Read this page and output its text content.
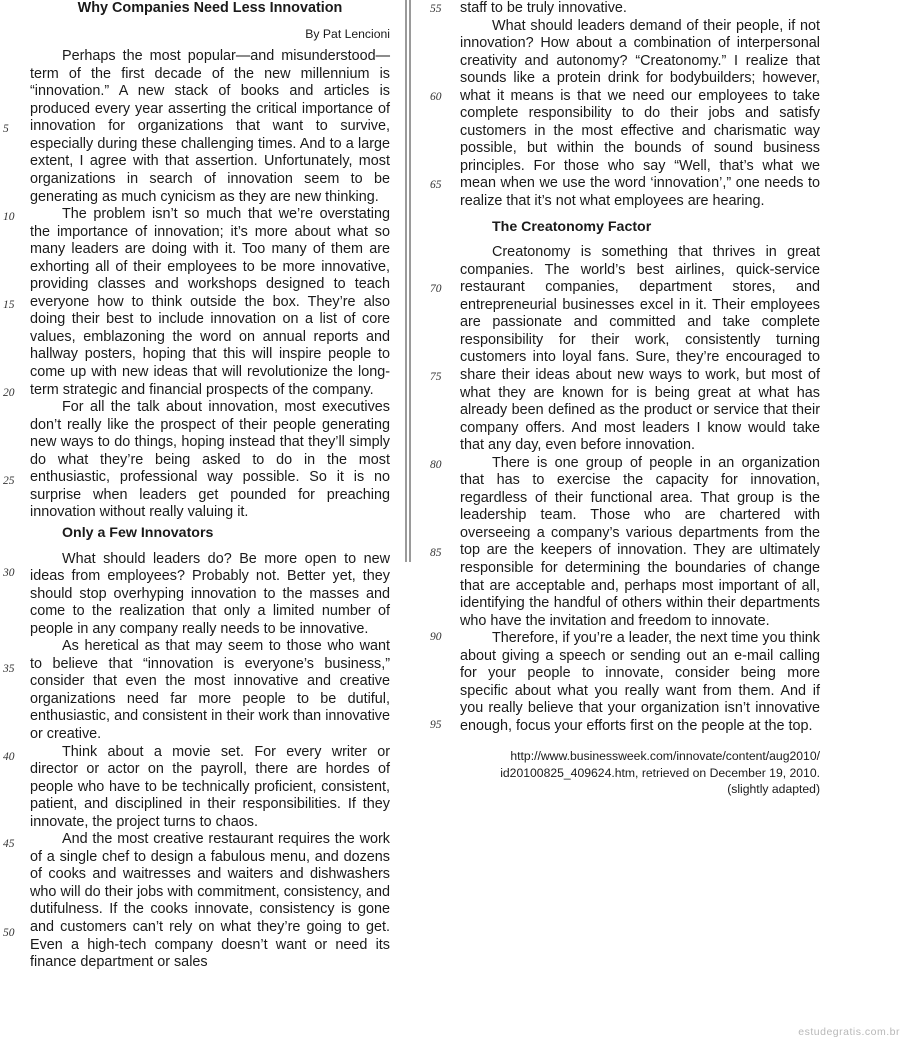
Why Companies Need Less Innovation
By Pat Lencioni

Perhaps the most popular—and misunderstood—term of the first decade of the new millennium is “innovation.” A new stack of books and articles is produced every year asserting the critical importance of innovation for organizations that want to survive, especially during these challenging times. And to a large extent, I agree with that assertion. Unfortunately, most organizations in search of innovation seem to be generating as much cynicism as they are new thinking.

The problem isn’t so much that we’re overstating the importance of innovation; it’s more about what so many leaders are doing with it. Too many of them are exhorting all of their employees to be more innovative, providing classes and workshops designed to teach everyone how to think outside the box. They’re also doing their best to include innovation on a list of core values, emblazoning the word on annual reports and hallway posters, hoping that this will inspire people to come up with new ideas that will revolutionize the long-term strategic and financial prospects of the company.

For all the talk about innovation, most executives don’t really like the prospect of their people generating new ways to do things, hoping instead that they’ll simply do what they’re being asked to do in the most enthusiastic, professional way possible. So it is no surprise when leaders get pounded for preaching innovation without really valuing it.

Only a Few Innovators

What should leaders do? Be more open to new ideas from employees? Probably not. Better yet, they should stop overhyping innovation to the masses and come to the realization that only a limited number of people in any company really needs to be innovative.

As heretical as that may seem to those who want to believe that “innovation is everyone’s business,” consider that even the most innovative and creative organizations need far more people to be dutiful, enthusiastic, and consistent in their work than innovative or creative.

Think about a movie set. For every writer or director or actor on the payroll, there are hordes of people who have to be technically proficient, consistent, patient, and disciplined in their responsibilities. If they innovate, the project turns to chaos.

And the most creative restaurant requires the work of a single chef to design a fabulous menu, and dozens of cooks and waitresses and waiters and dishwashers who will do their jobs with commitment, consistency, and dutifulness. If the cooks innovate, consistency is gone and customers can’t rely on what they’re going to get. Even a high-tech company doesn’t want or need its finance department or sales

staff to be truly innovative.

What should leaders demand of their people, if not innovation? How about a combination of interpersonal creativity and autonomy? “Creatonomy.” I realize that sounds like a protein drink for bodybuilders; however, what it means is that we need our employees to take complete responsibility to do their jobs and satisfy customers in the most effective and charismatic way possible, but within the bounds of sound business principles. For those who say “Well, that’s what we mean when we use the word ‘innovation’,” one needs to realize that it’s not what employees are hearing.

The Creatonomy Factor

Creatonomy is something that thrives in great companies. The world’s best airlines, quick-service restaurant companies, department stores, and entrepreneurial businesses excel in it. Their employees are passionate and committed and take complete responsibility for their work, consistently turning customers into loyal fans. Sure, they’re encouraged to share their ideas about new ways to work, but most of what they are known for is being great at what has already been defined as the product or service that their company offers. And most leaders I know would take that any day, even before innovation.

There is one group of people in an organization that has to exercise the capacity for innovation, regardless of their functional area. That group is the leadership team. Those who are chartered with overseeing a company’s various departments from the top are the keepers of innovation. They are ultimately responsible for determining the boundaries of change that are acceptable and, perhaps most important of all, identifying the handful of others within their departments who have the invitation and freedom to innovate.

Therefore, if you’re a leader, the next time you think about giving a speech or sending out an e-mail calling for your people to innovate, consider being more specific about what you really want from them. And if you really believe that your organization isn’t innovative enough, focus your efforts first on the people at the top.

http://www.businessweek.com/innovate/content/aug2010/
id20100825_409624.htm, retrieved on December 19, 2010.
(slightly adapted)
5
10
15
20
25
30
35
40
45
50
55
60
65
70
75
80
85
90
95
estudegratis.com.br
